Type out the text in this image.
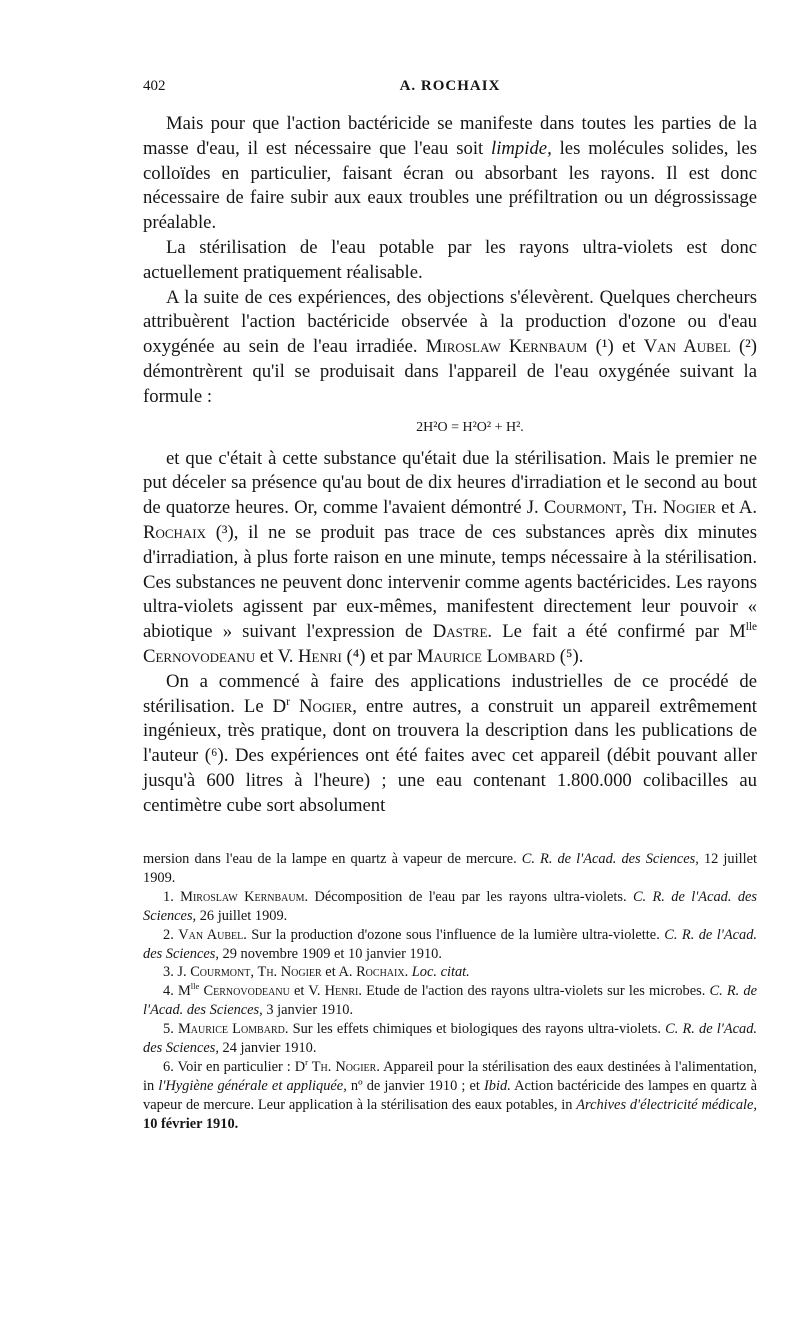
402	A. ROCHAIX

Mais pour que l'action bactéricide se manifeste dans toutes les parties de la masse d'eau, il est nécessaire que l'eau soit limpide, les molécules solides, les colloïdes en particulier, faisant écran ou absorbant les rayons. Il est donc nécessaire de faire subir aux eaux troubles une préfiltration ou un dégrossissage préalable.

La stérilisation de l'eau potable par les rayons ultra-violets est donc actuellement pratiquement réalisable.

A la suite de ces expériences, des objections s'élevèrent. Quelques chercheurs attribuèrent l'action bactéricide observée à la production d'ozone ou d'eau oxygénée au sein de l'eau irradiée. Miroslaw Kernbaum (¹) et Van Aubel (²) démontrèrent qu'il se produisait dans l'appareil de l'eau oxygénée suivant la formule :

2H²O = H²O² + H².

et que c'était à cette substance qu'était due la stérilisation. Mais le premier ne put déceler sa présence qu'au bout de dix heures d'irradiation et le second au bout de quatorze heures. Or, comme l'avaient démontré J. Courmont, Th. Nogier et A. Rochaix (³), il ne se produit pas trace de ces substances après dix minutes d'irradiation, à plus forte raison en une minute, temps nécessaire à la stérilisation. Ces substances ne peuvent donc intervenir comme agents bactéricides. Les rayons ultra-violets agissent par eux-mêmes, manifestent directement leur pouvoir « abiotique » suivant l'expression de Dastre. Le fait a été confirmé par $M^{lle}$ Cernovodeanu et V. Henri (⁴) et par Maurice Lombard (⁵).

On a commencé à faire des applications industrielles de ce procédé de stérilisation. Le $D^r$ Nogier, entre autres, a construit un appareil extrêmement ingénieux, très pratique, dont on trouvera la description dans les publications de l'auteur (⁶). Des expériences ont été faites avec cet appareil (débit pouvant aller jusqu'à 600 litres à l'heure) ; une eau contenant 1.800.000 colibacilles au centimètre cube sort absolument

mersion dans l'eau de la lampe en quartz à vapeur de mercure. C. R. de l'Acad. des Sciences, 12 juillet 1909.

1. Miroslaw Kernbaum. Décomposition de l'eau par les rayons ultra-violets. C. R. de l'Acad. des Sciences, 26 juillet 1909.

2. Van Aubel. Sur la production d'ozone sous l'influence de la lumière ultra-violette. C. R. de l'Acad. des Sciences, 29 novembre 1909 et 10 janvier 1910.

3. J. Courmont, Th. Nogier et A. Rochaix. Loc. citat.

4. $M^{lle}$ Cernovodeanu et V. Henri. Etude de l'action des rayons ultra-violets sur les microbes. C. R. de l'Acad. des Sciences, 3 janvier 1910.

5. Maurice Lombard. Sur les effets chimiques et biologiques des rayons ultra-violets. C. R. de l'Acad. des Sciences, 24 janvier 1910.

6. Voir en particulier : $D^r$ Th. Nogier. Appareil pour la stérilisation des eaux destinées à l'alimentation, in l'Hygiène générale et appliquée, nº de janvier 1910 ; et Ibid. Action bactéricide des lampes en quartz à vapeur de mercure. Leur application à la stérilisation des eaux potables, in Archives d'électricité médicale, 10 février 1910.
